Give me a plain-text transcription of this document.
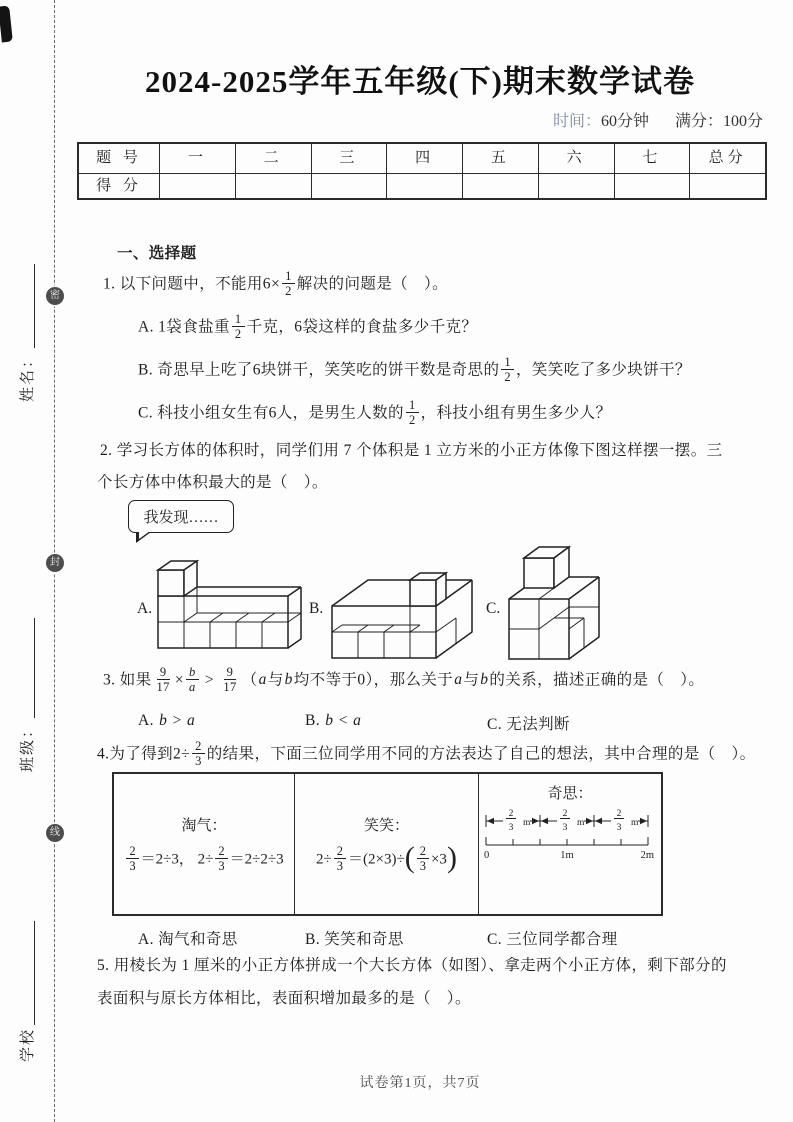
密
封
线
姓名：
班级：
学校
2024-2025学年五年级(下)期末数学试卷
时间：60分钟 满分：100分
题 号	一	二	三	四	五	六	七	总分
得 分
一、选择题
1. 以下问题中，不能用$6\times \frac{1}{2}$ 解决的问题是（　）。
A. 1袋食盐重 $\frac{1}{2}$ 千克，6袋这样的食盐多少千克？
B. 奇思早上吃了6块饼干，笑笑吃的饼干数是奇思的 $\frac{1}{2}$ ，笑笑吃了多少块饼干？
C. 科技小组女生有6人，是男生人数的 $\frac{1}{2}$ ，科技小组有男生多少人？
2. 学习长方体的体积时，同学们用 7 个体积是 1 立方米的小正方体像下图这样摆一摆。三
个长方体中体积最大的是（　）。
我发现……
A.	B.	C.
3. 如果 $\frac{9}{17} \times \frac{b}{a} > \frac{9}{17} (a$与b均不等于0），那么关于a与b的关系，描述正确的是（　）。
A. b > a	B. b < a	C. 无法判断
4.为了得到$2\div \frac{2}{3}$ 的结果，下面三位同学用不同的方法表达了自己的想法，其中合理的是（　）。
淘气：
$\frac{2}{3} =2\div 3$， $2\div \frac{2}{3} =2\div 2\div 3$
笑笑：
$2\div \frac{2}{3} =(2\times 3)\div( \frac{2}{3} \times 3)$
奇思：
2
3 m
2
3 m
2
3 m
0	1m	2m
A. 淘气和奇思	B. 笑笑和奇思	C. 三位同学都合理
5. 用棱长为 1 厘米的小正方体拼成一个大长方体（如图）、拿走两个小正方体，剩下部分的
表面积与原长方体相比，表面积增加最多的是（　）。
试卷第1页，共7页
